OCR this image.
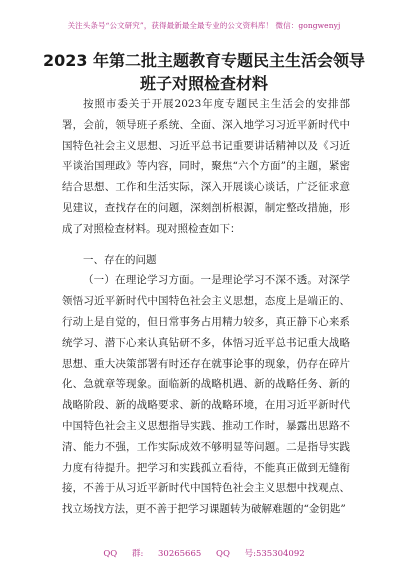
关注头条号“公文研究”，获得最新最全最专业的公文资料库！ 微信：gongwenyj
2023 年第二批主题教育专题民主生活会领导
班子对照检查材料

按照市委关于开展2023年度专题民主生活会的安排部署，会前，领导班子系统、全面、深入地学习习近平新时代中国特色社会主义思想、习近平总书记重要讲话精神以及《习近平谈治国理政》等内容，同时，聚焦“六个方面”的主题，紧密结合思想、工作和生活实际，深入开展谈心谈话，广泛征求意见建议，查找存在的问题，深刻剖析根源，制定整改措施，形成了对照检查材料。现对照检查如下：

一、存在的问题

（一）在理论学习方面。一是理论学习不深不透。对深学领悟习近平新时代中国特色社会主义思想，态度上是端正的、行动上是自觉的，但日常事务占用精力较多，真正静下心来系统学习、潜下心来认真钻研不多，体悟习近平总书记重大战略思想、重大决策部署有时还存在就事论事的现象，仍存在碎片化、急就章等现象。面临新的战略机遇、新的战略任务、新的战略阶段、新的战略要求、新的战略环境，在用习近平新时代中国特色社会主义思想指导实践、推动工作时，暴露出思路不清、能力不强，工作实际成效不够明显等问题。二是指导实践力度有待提升。把学习和实践孤立看待，不能真正做到无缝衔接，不善于从习近平新时代中国特色社会主义思想中找观点、找立场找方法，更不善于把学习课题转为破解难题的“金钥匙”

QQ 群: 30265665 QQ 号:535304092
